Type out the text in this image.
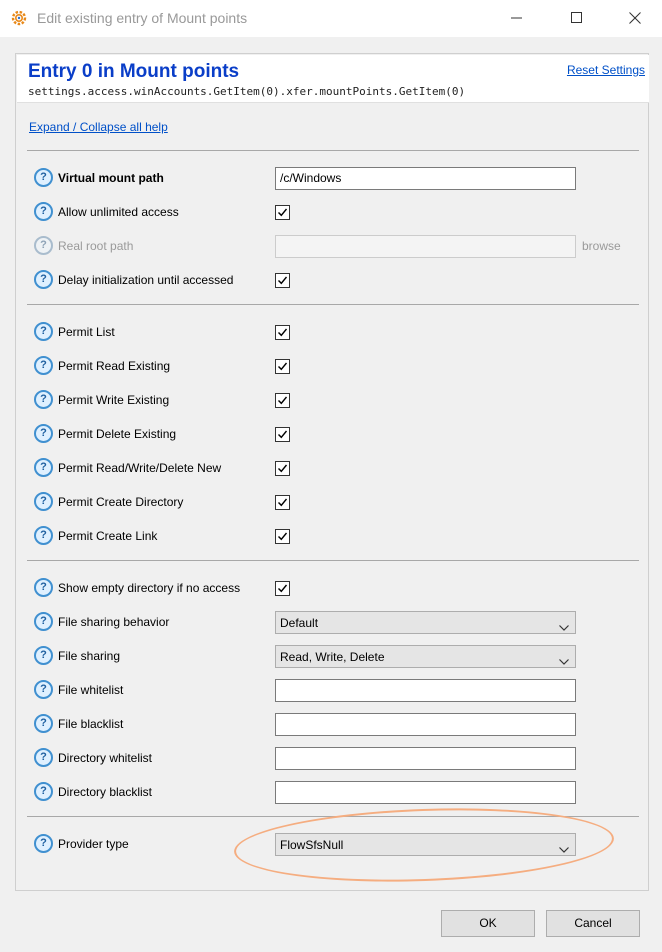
Edit existing entry of Mount points
Entry 0 in Mount points
settings.access.winAccounts.GetItem(0).xfer.mountPoints.GetItem(0)
Reset Settings
Expand / Collapse all help
?
Virtual mount path	/c/Windows
?
Allow unlimited access
?
Real root path	browse
?
Delay initialization until accessed
?
Permit List
?
Permit Read Existing
?
Permit Write Existing
?
Permit Delete Existing
?
Permit Read/Write/Delete New
?
Permit Create Directory
?
Permit Create Link
?
Show empty directory if no access
?
File sharing behavior	Default
?
File sharing	Read, Write, Delete
?
File whitelist
?
File blacklist
?
Directory whitelist
?
Directory blacklist
?
Provider type	FlowSfsNull
OK	Cancel
